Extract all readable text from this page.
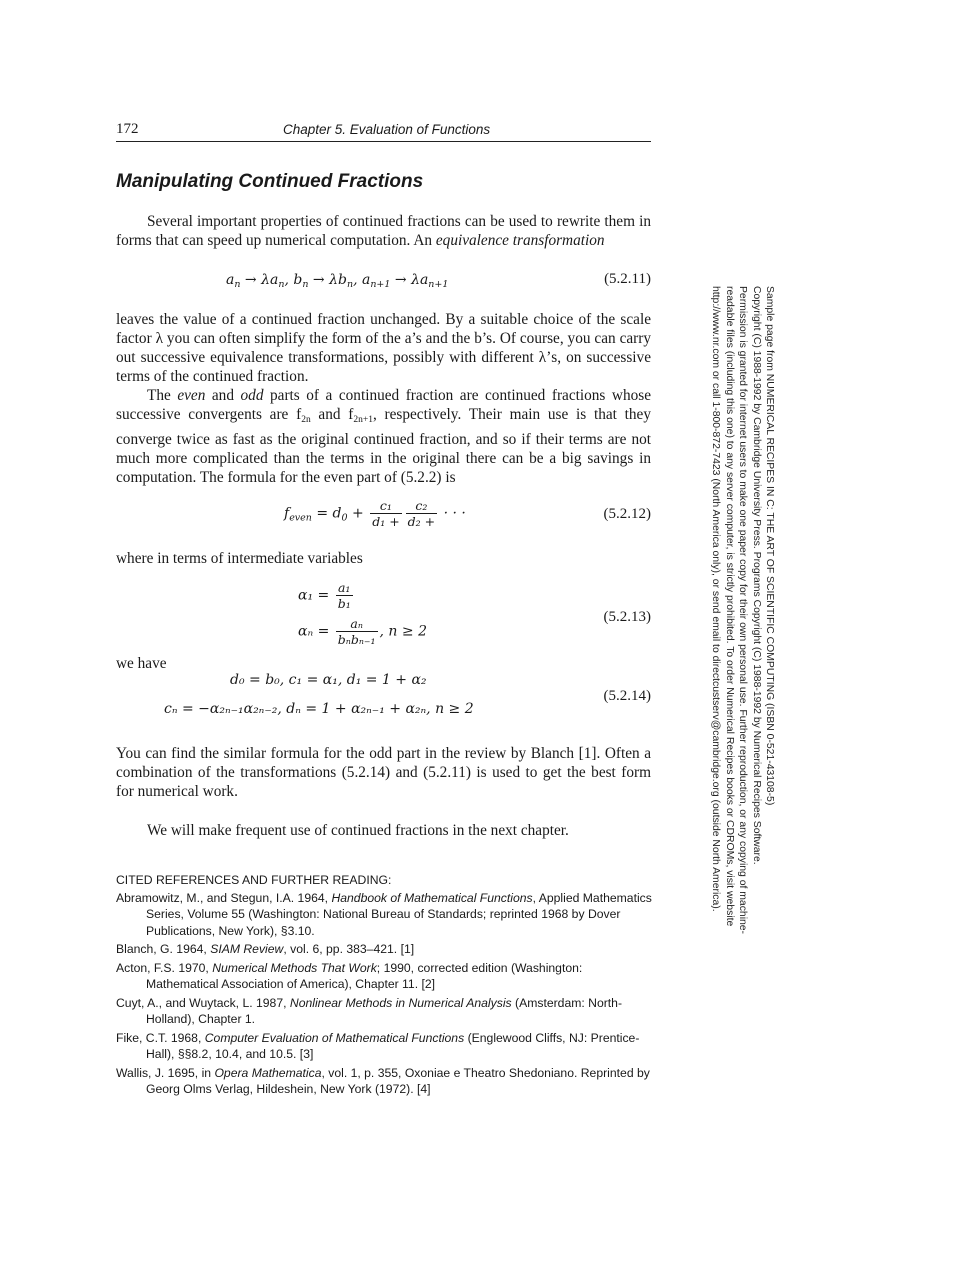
172	Chapter 5. Evaluation of Functions
Manipulating Continued Fractions

Several important properties of continued fractions can be used to rewrite them in forms that can speed up numerical computation. An equivalence transformation

$a_n \to \lambda a_n$, $b_n \to \lambda b_n$, $a_{n+1} \to \lambda a_{n+1}$	(5.2.11)

leaves the value of a continued fraction unchanged. By a suitable choice of the scale factor λ you can often simplify the form of the a’s and the b’s. Of course, you can carry out successive equivalence transformations, possibly with different λ’s, on successive terms of the continued fraction.

The even and odd parts of a continued fraction are continued fractions whose successive convergents are $f_{2n}$ and $f_{2n+1}$, respectively. Their main use is that they converge twice as fast as the original continued fraction, and so if their terms are not much more complicated than the terms in the original there can be a big savings in computation. The formula for the even part of (5.2.2) is

$f_{even} = d_0 + \frac{\text{c₁}}{\text{d₁ +}} \frac{\text{c₂}}{\text{d₂ +}}$ · · ·	(5.2.12)

where in terms of intermediate variables

$\alpha_1 = \frac{\text{a₁}}{\text{b₁}}$
$\alpha_n = \frac{\text{aₙ}}{\text{bₙbₙ₋₁}}$ , n ≥ 2
(5.2.13)

we have

d₀ = b₀, c₁ = α₁, d₁ = 1 + α₂
cₙ = −α₂ₙ₋₁α₂ₙ₋₂, dₙ = 1 + α₂ₙ₋₁ + α₂ₙ, n ≥ 2
(5.2.14)

You can find the similar formula for the odd part in the review by Blanch [1]. Often a combination of the transformations (5.2.14) and (5.2.11) is used to get the best form for numerical work.

We will make frequent use of continued fractions in the next chapter.

CITED REFERENCES AND FURTHER READING:
Abramowitz, M., and Stegun, I.A. 1964, Handbook of Mathematical Functions, Applied Mathematics Series, Volume 55 (Washington: National Bureau of Standards; reprinted 1968 by Dover Publications, New York), §3.10.
Blanch, G. 1964, SIAM Review, vol. 6, pp. 383–421. [1]
Acton, F.S. 1970, Numerical Methods That Work; 1990, corrected edition (Washington: Mathematical Association of America), Chapter 11. [2]
Cuyt, A., and Wuytack, L. 1987, Nonlinear Methods in Numerical Analysis (Amsterdam: North-Holland), Chapter 1.
Fike, C.T. 1968, Computer Evaluation of Mathematical Functions (Englewood Cliffs, NJ: Prentice-Hall), §§8.2, 10.4, and 10.5. [3]
Wallis, J. 1695, in Opera Mathematica, vol. 1, p. 355, Oxoniae e Theatro Shedoniano. Reprinted by Georg Olms Verlag, Hildeshein, New York (1972). [4]
Sample page from NUMERICAL RECIPES IN C: THE ART OF SCIENTIFIC COMPUTING (ISBN 0-521-43108-5)
Copyright (C) 1988-1992 by Cambridge University Press. Programs Copyright (C) 1988-1992 by Numerical Recipes Software.
Permission is granted for internet users to make one paper copy for their own personal use. Further reproduction, or any copying of machine-
readable files (including this one) to any server computer, is strictly prohibited. To order Numerical Recipes books or CDROMs, visit website
http://www.nr.com or call 1-800-872-7423 (North America only), or send email to directcustserv@cambridge.org (outside North America).
